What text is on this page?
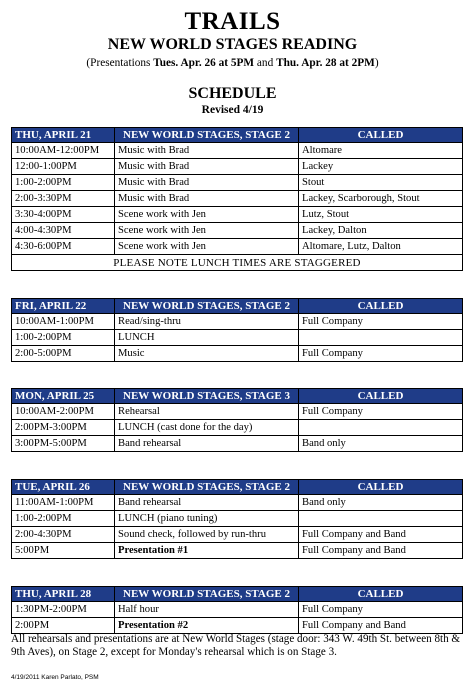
TRAILS
NEW WORLD STAGES READING
(Presentations Tues. Apr. 26 at 5PM and Thu. Apr. 28 at 2PM)
SCHEDULE
Revised 4/19
THU, APRIL 21	NEW WORLD STAGES, STAGE 2	CALLED
10:00AM-12:00PM	Music with Brad	Altomare
12:00-1:00PM	Music with Brad	Lackey
1:00-2:00PM	Music with Brad	Stout
2:00-3:30PM	Music with Brad	Lackey, Scarborough, Stout
3:30-4:00PM	Scene work with Jen	Lutz, Stout
4:00-4:30PM	Scene work with Jen	Lackey, Dalton
4:30-6:00PM	Scene work with Jen	Altomare, Lutz, Dalton
PLEASE NOTE LUNCH TIMES ARE STAGGERED		
FRI, APRIL 22	NEW WORLD STAGES, STAGE 2	CALLED
10:00AM-1:00PM	Read/sing-thru	Full Company
1:00-2:00PM	LUNCH	
2:00-5:00PM	Music	Full Company
MON, APRIL 25	NEW WORLD STAGES, STAGE 3	CALLED
10:00AM-2:00PM	Rehearsal	Full Company
2:00PM-3:00PM	LUNCH (cast done for the day)	
3:00PM-5:00PM	Band rehearsal	Band only
TUE, APRIL 26	NEW WORLD STAGES, STAGE 2	CALLED
11:00AM-1:00PM	Band rehearsal	Band only
1:00-2:00PM	LUNCH (piano tuning)	
2:00-4:30PM	Sound check, followed by run-thru	Full Company and Band
5:00PM	Presentation #1	Full Company and Band
THU, APRIL 28	NEW WORLD STAGES, STAGE 2	CALLED
1:30PM-2:00PM	Half hour	Full Company
2:00PM	Presentation #2	Full Company and Band
All rehearsals and presentations are at New World Stages (stage door: 343 W. 49th St. between 8th & 9th Aves), on Stage 2, except for Monday's rehearsal which is on Stage 3.
4/19/2011 Karen Parlato, PSM
